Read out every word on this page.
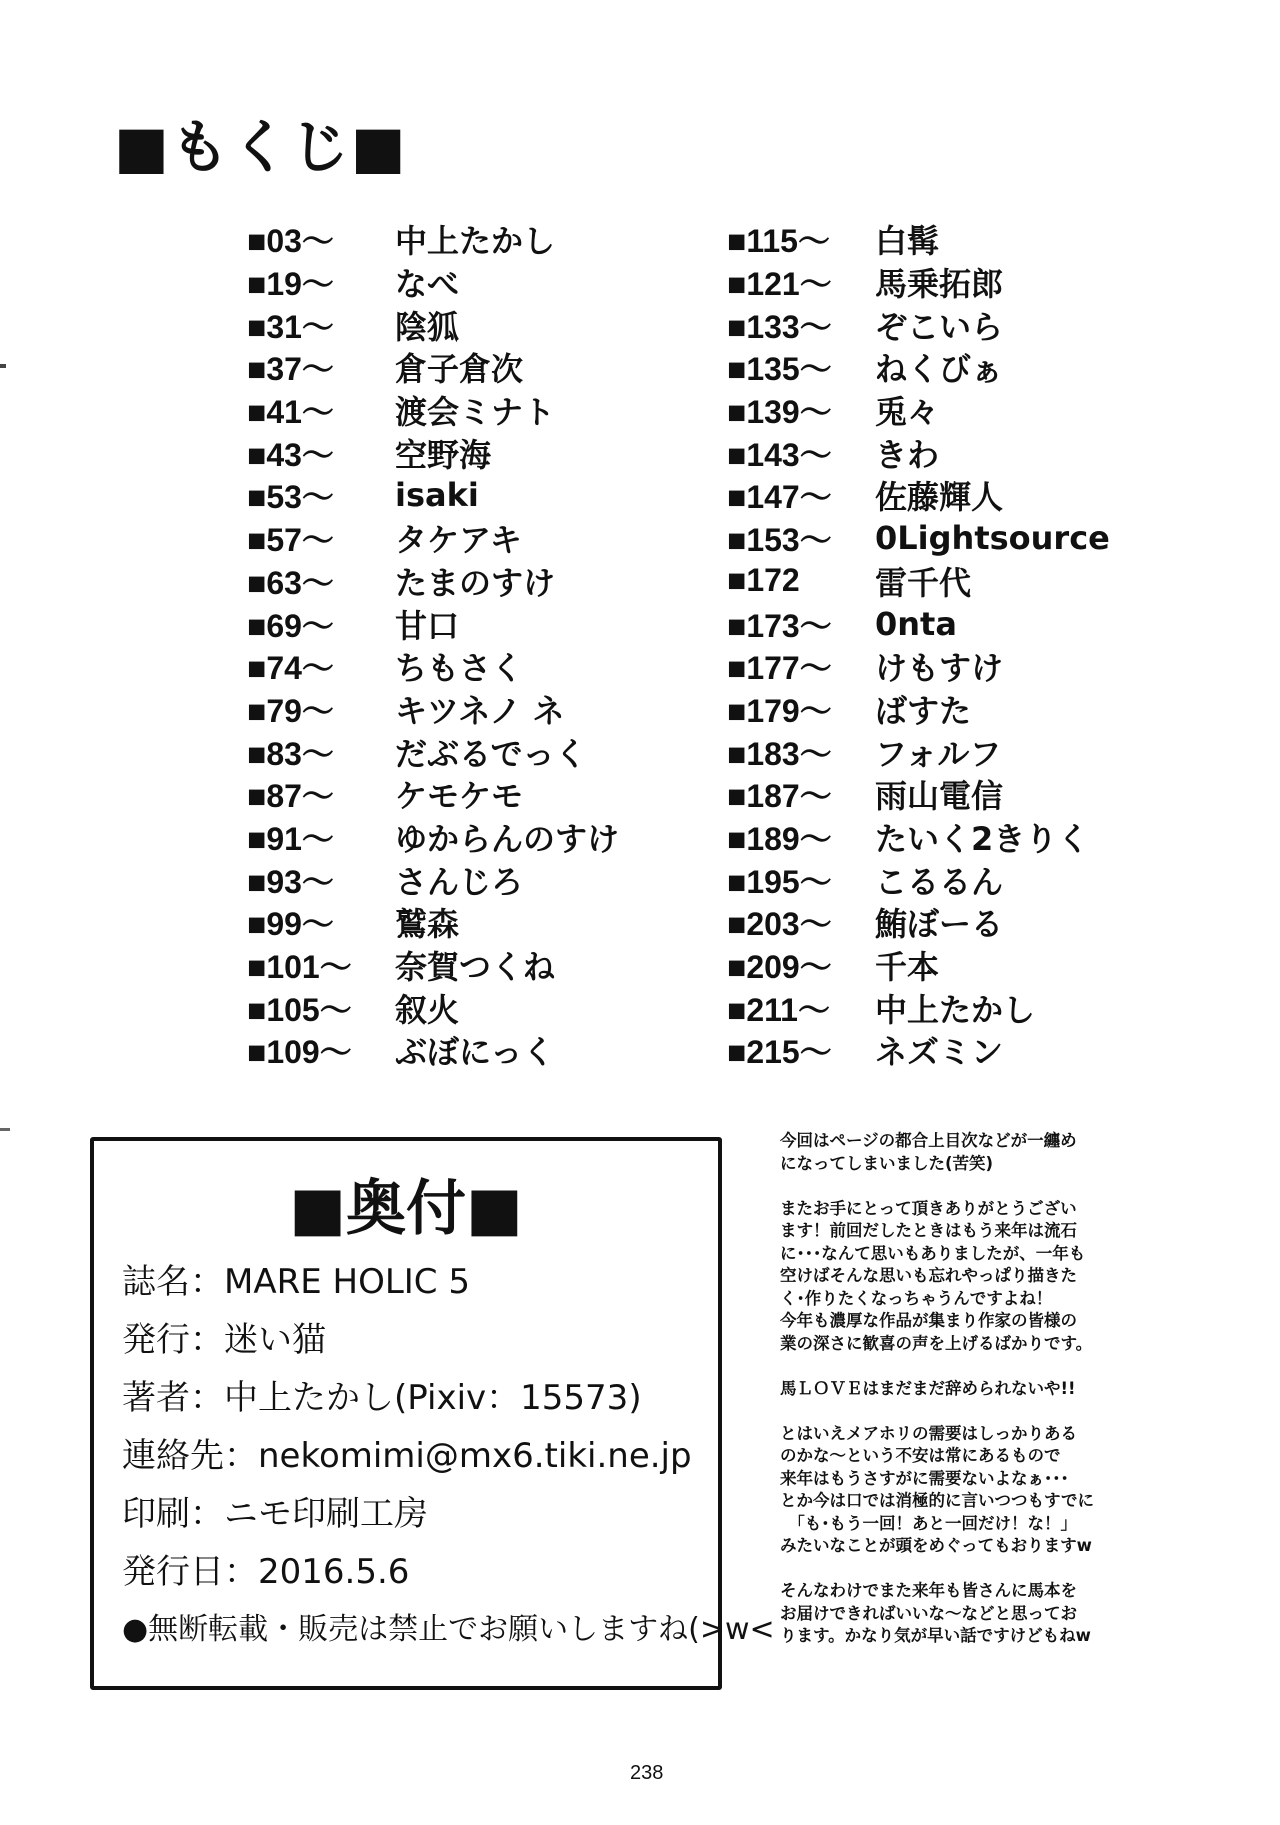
■もくじ■
■03〜	中上たかし
■19〜	なべ
■31〜	陰狐
■37〜	倉子倉次
■41〜	渡会ミナト
■43〜	空野海
■53〜	isaki
■57〜	タケアキ
■63〜	たまのすけ
■69〜	甘口
■74〜	ちもさく
■79〜	キツネノ ネ
■83〜	だぶるでっく
■87〜	ケモケモ
■91〜	ゆからんのすけ
■93〜	さんじろ
■99〜	鷲森
■101〜	奈賀つくね
■105〜	叙火
■109〜	ぶぼにっく
■115〜	白髯
■121〜	馬乗拓郎
■133〜	ぞこいら
■135〜	ねくびぁ
■139〜	兎々
■143〜	きわ
■147〜	佐藤輝人
■153〜	0Lightsource
■172	雷千代
■173〜	0nta
■177〜	けもすけ
■179〜	ばすた
■183〜	フォルフ
■187〜	雨山電信
■189〜	たいく2きりく
■195〜	こるるん
■203〜	鮪ぼーる
■209〜	千本
■211〜	中上たかし
■215〜	ネズミン
■奥付■
誌名：MARE HOLIC 5
発行：迷い猫
著者：中上たかし(Pixiv：15573)
連絡先：nekomimi@mx6.tiki.ne.jp
印刷：ニモ印刷工房
発行日：2016.5.6
●無断転載・販売は禁止でお願いしますね(>w<

今回はページの都合上目次などが一纏め
になってしまいました(苦笑)

またお手にとって頂きありがとうござい
ます！前回だしたときはもう来年は流石
に･･･なんて思いもありましたが、一年も
空けばそんな思いも忘れやっぱり描きた
く･作りたくなっちゃうんですよね！
今年も濃厚な作品が集まり作家の皆様の
業の深さに歓喜の声を上げるばかりです。

馬ＬＯＶＥはまだまだ辞められないや!!

とはいえメアホリの需要はしっかりある
のかな〜という不安は常にあるもので
来年はもうさすがに需要ないよなぁ･･･
とか今は口では消極的に言いつつもすでに
　「も･もう一回！あと一回だけ！な！」
みたいなことが頭をめぐってもおりますw

そんなわけでまた来年も皆さんに馬本を
お届けできればいいな〜などと思ってお
ります。かなり気が早い話ですけどもねw

238
